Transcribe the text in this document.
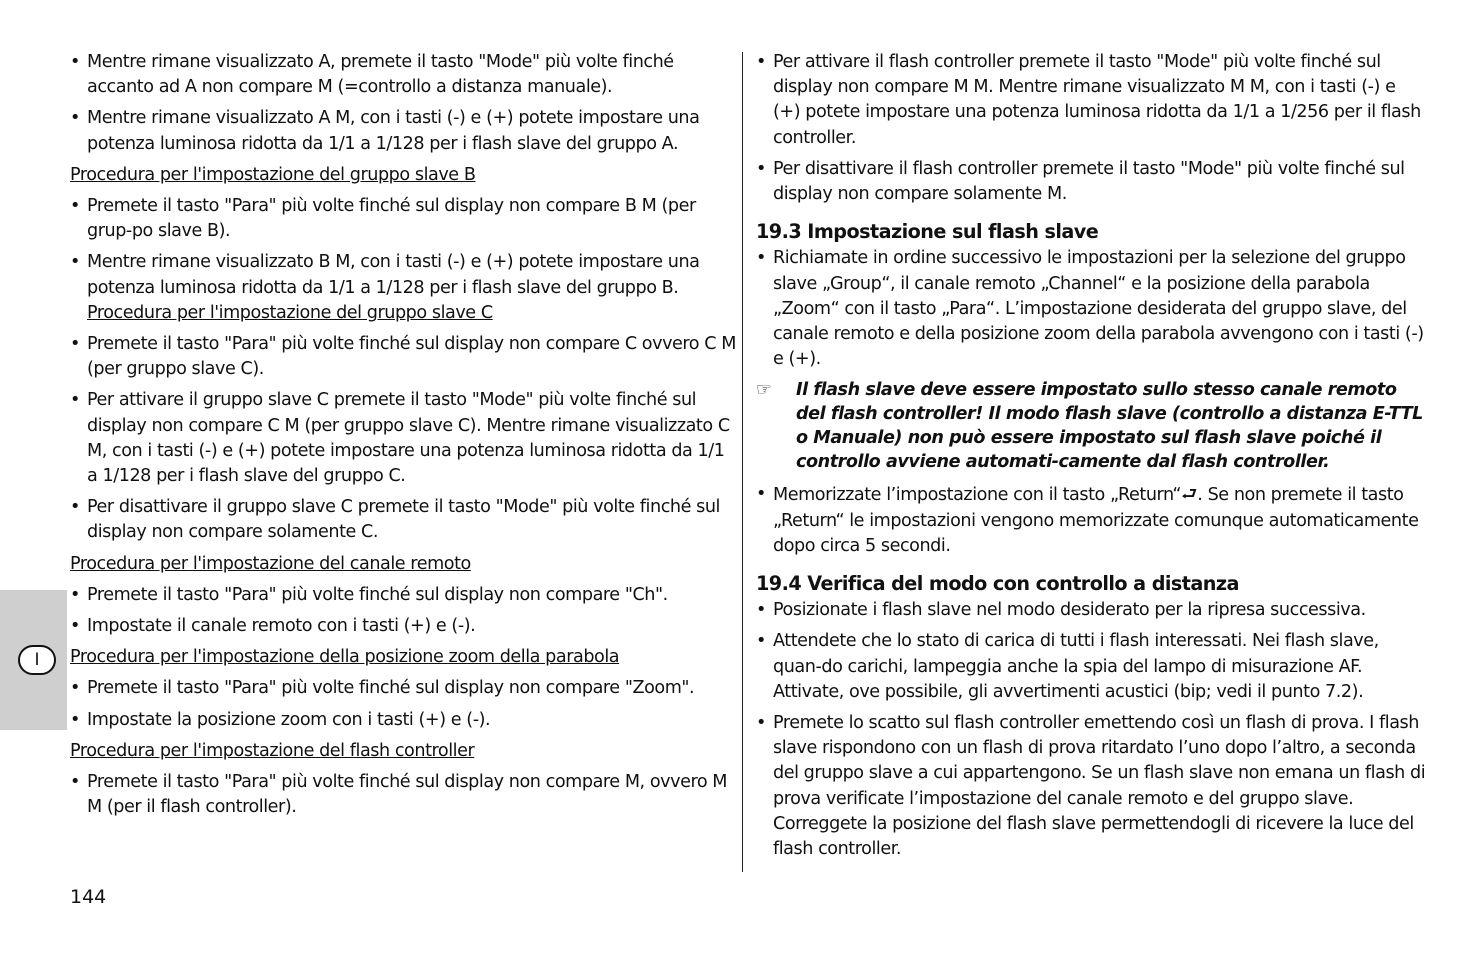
• Mentre rimane visualizzato A, premete il tasto "Mode" più volte finché accanto ad A non compare M (=controllo a distanza manuale).
• Mentre rimane visualizzato A M, con i tasti (-) e (+) potete impostare una potenza luminosa ridotta da 1/1 a 1/128 per i flash slave del gruppo A.
Procedura per l'impostazione del gruppo slave B
• Premete il tasto "Para" più volte finché sul display non compare B M (per grup-po slave B).
• Mentre rimane visualizzato B M, con i tasti (-) e (+) potete impostare una potenza luminosa ridotta da 1/1 a 1/128 per i flash slave del gruppo B.
Procedura per l'impostazione del gruppo slave C
• Premete il tasto "Para" più volte finché sul display non compare C ovvero C M (per gruppo slave C).
• Per attivare il gruppo slave C premete il tasto "Mode" più volte finché sul display non compare C M (per gruppo slave C). Mentre rimane visualizzato C M, con i tasti (-) e (+) potete impostare una potenza luminosa ridotta da 1/1 a 1/128 per i flash slave del gruppo C.
• Per disattivare il gruppo slave C premete il tasto "Mode" più volte finché sul display non compare solamente C.
Procedura per l'impostazione del canale remoto
• Premete il tasto "Para" più volte finché sul display non compare "Ch".
• Impostate il canale remoto con i tasti (+) e (-).
Procedura per l'impostazione della posizione zoom della parabola
• Premete il tasto "Para" più volte finché sul display non compare "Zoom".
• Impostate la posizione zoom con i tasti (+) e (-).
Procedura per l'impostazione del flash controller
• Premete il tasto "Para" più volte finché sul display non compare M, ovvero M M (per il flash controller).
• Per attivare il flash controller premete il tasto "Mode" più volte finché sul display non compare M M. Mentre rimane visualizzato M M, con i tasti (-) e (+) potete impostare una potenza luminosa ridotta da 1/1 a 1/256 per il flash controller.
• Per disattivare il flash controller premete il tasto "Mode" più volte finché sul display non compare solamente M.
19.3 Impostazione sul flash slave
• Richiamate in ordine successivo le impostazioni per la selezione del gruppo slave „Group“, il canale remoto „Channel“ e la posizione della parabola „Zoom“ con il tasto „Para“. L’impostazione desiderata del gruppo slave, del canale remoto e della posizione zoom della parabola avvengono con i tasti (-) e (+).
☞ Il flash slave deve essere impostato sullo stesso canale remoto del flash controller! Il modo flash slave (controllo a distanza E-TTL o Manuale) non può essere impostato sul flash slave poiché il controllo avviene automati-camente dal flash controller.
• Memorizzate l’impostazione con il tasto „Return“⮐. Se non premete il tasto „Return“ le impostazioni vengono memorizzate comunque automaticamente dopo circa 5 secondi.
19.4 Verifica del modo con controllo a distanza
• Posizionate i flash slave nel modo desiderato per la ripresa successiva.
• Attendete che lo stato di carica di tutti i flash interessati. Nei flash slave, quan-do carichi, lampeggia anche la spia del lampo di misurazione AF. Attivate, ove possibile, gli avvertimenti acustici (bip; vedi il punto 7.2).
• Premete lo scatto sul flash controller emettendo così un flash di prova. I flash slave rispondono con un flash di prova ritardato l’uno dopo l’altro, a seconda del gruppo slave a cui appartengono. Se un flash slave non emana un flash di prova verificate l’impostazione del canale remoto e del gruppo slave. Correggete la posizione del flash slave permettendogli di ricevere la luce del flash controller.
I
144
